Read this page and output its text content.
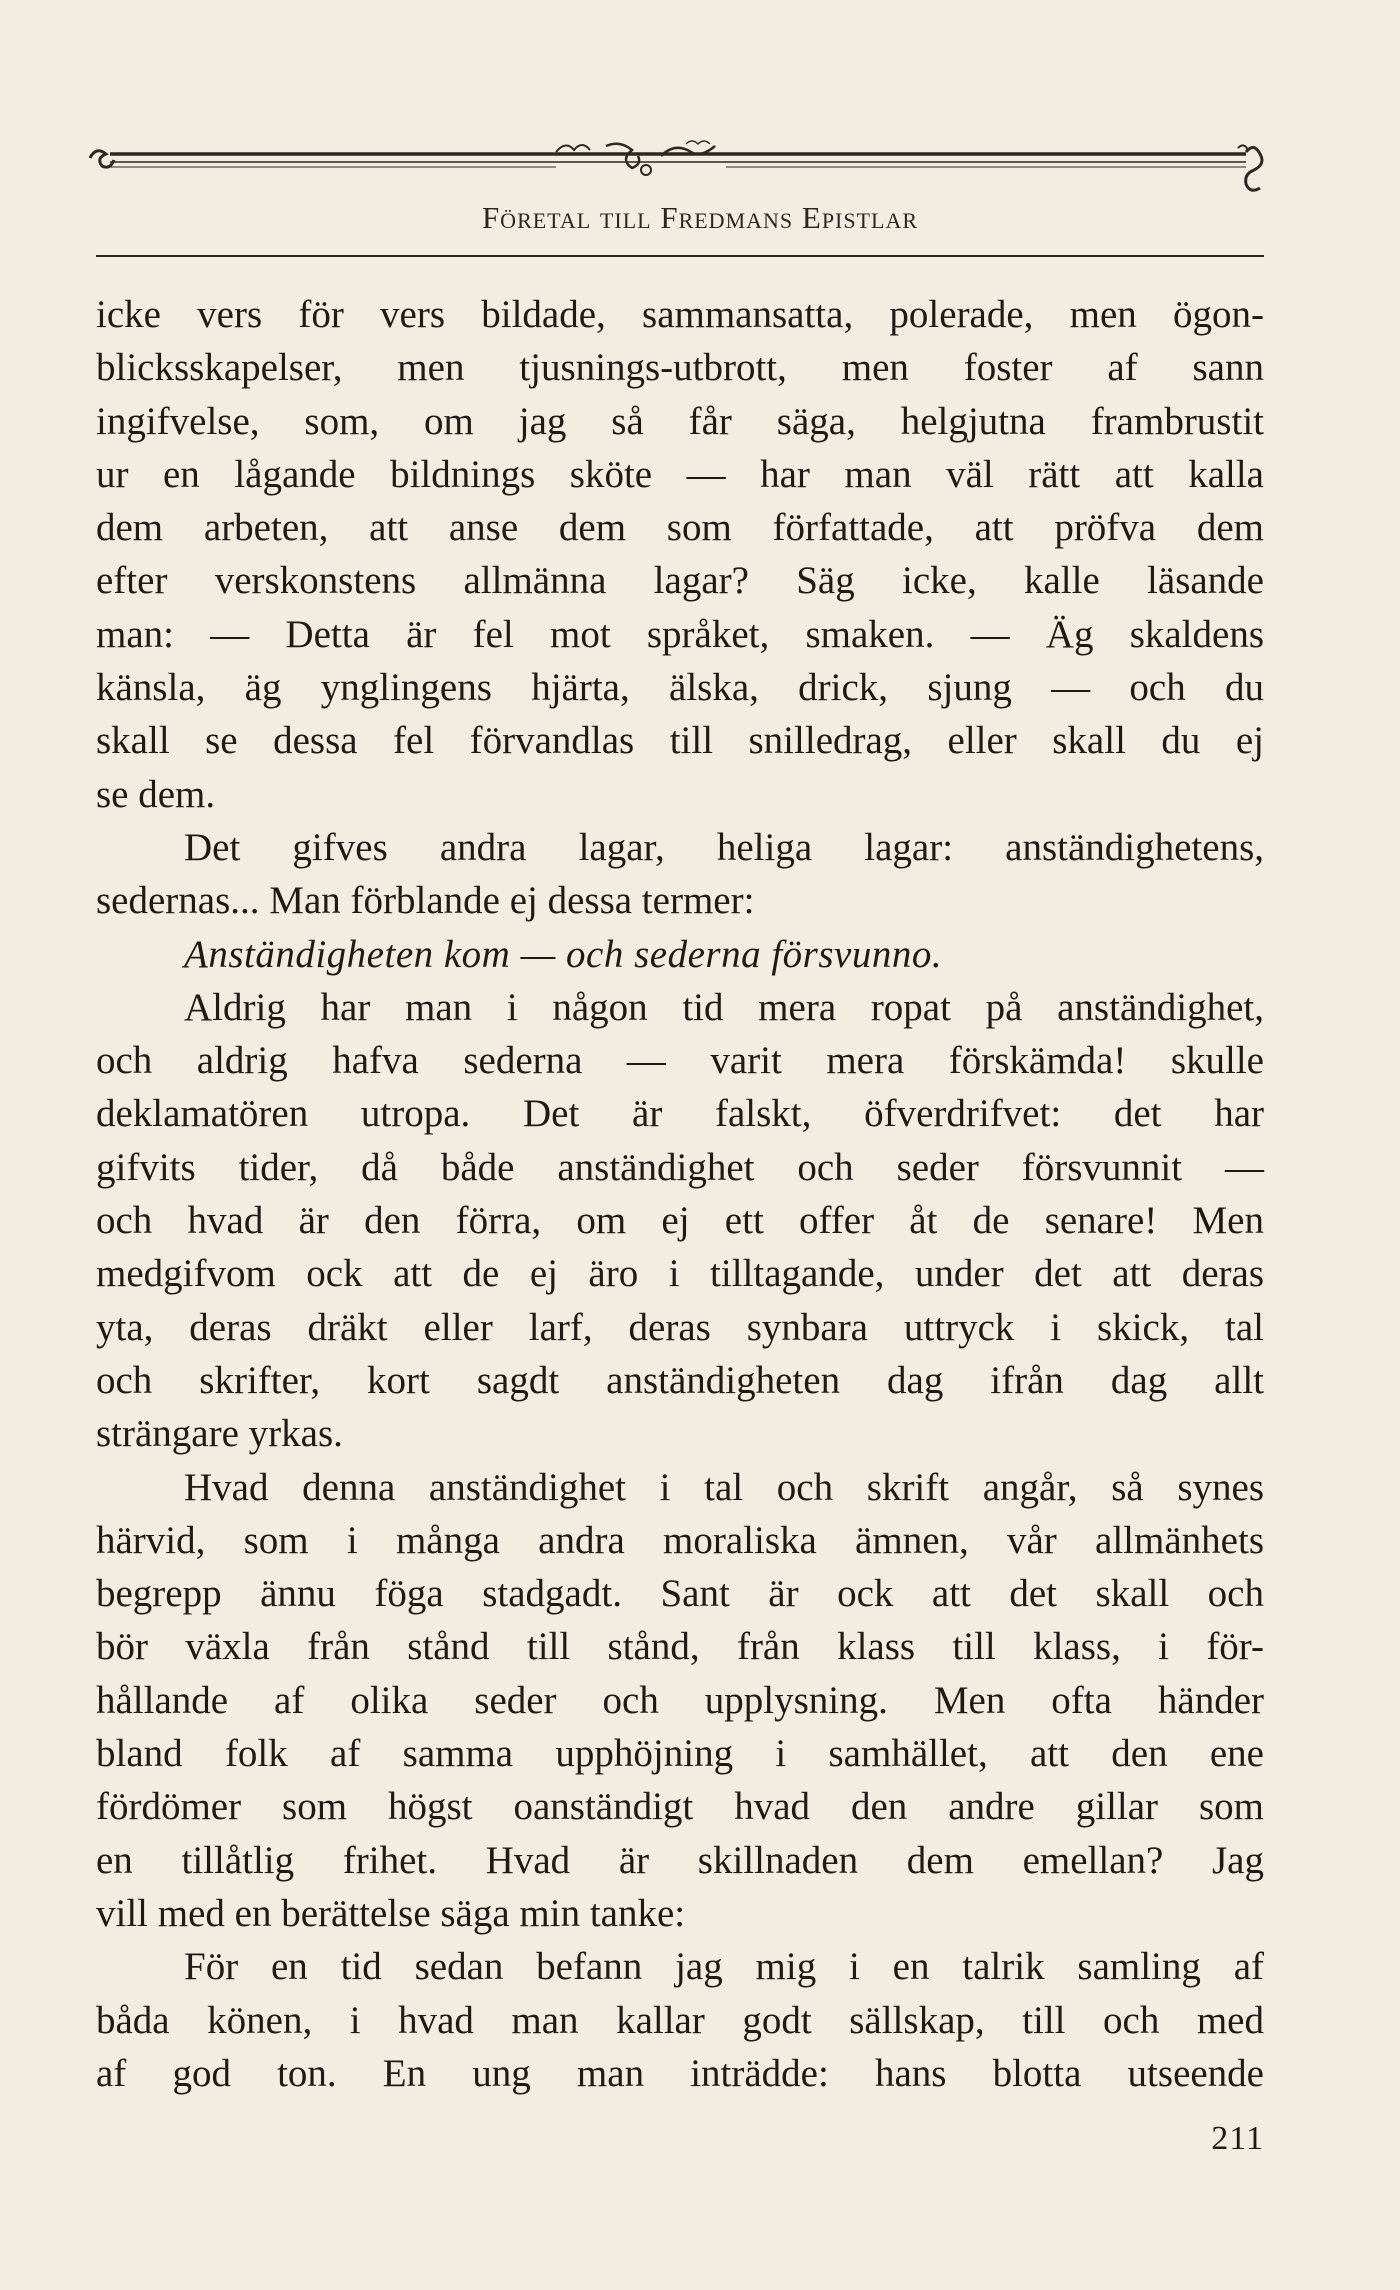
Företal till Fredmans Epistlar
icke vers för vers bildade, sammansatta, polerade, men ögon-
blicksskapelser, men tjusnings-utbrott, men foster af sann
ingifvelse, som, om jag så får säga, helgjutna frambrustit
ur en lågande bildnings sköte — har man väl rätt att kalla
dem arbeten, att anse dem som författade, att pröfva dem
efter verskonstens allmänna lagar? Säg icke, kalle läsande
man: — Detta är fel mot språket, smaken. — Äg skaldens
känsla, äg ynglingens hjärta, älska, drick, sjung — och du
skall se dessa fel förvandlas till snilledrag, eller skall du ej
se dem.
Det gifves andra lagar, heliga lagar: anständighetens,
sedernas... Man förblande ej dessa termer:
Anständigheten kom — och sederna försvunno.
Aldrig har man i någon tid mera ropat på anständighet,
och aldrig hafva sederna — varit mera förskämda! skulle
deklamatören utropa. Det är falskt, öfverdrifvet: det har
gifvits tider, då både anständighet och seder försvunnit —
och hvad är den förra, om ej ett offer åt de senare! Men
medgifvom ock att de ej äro i tilltagande, under det att deras
yta, deras dräkt eller larf, deras synbara uttryck i skick, tal
och skrifter, kort sagdt anständigheten dag ifrån dag allt
strängare yrkas.
Hvad denna anständighet i tal och skrift angår, så synes
härvid, som i många andra moraliska ämnen, vår allmänhets
begrepp ännu föga stadgadt. Sant är ock att det skall och
bör växla från stånd till stånd, från klass till klass, i för-
hållande af olika seder och upplysning. Men ofta händer
bland folk af samma upphöjning i samhället, att den ene
fördömer som högst oanständigt hvad den andre gillar som
en tillåtlig frihet. Hvad är skillnaden dem emellan? Jag
vill med en berättelse säga min tanke:
För en tid sedan befann jag mig i en talrik samling af
båda könen, i hvad man kallar godt sällskap, till och med
af god ton. En ung man inträdde: hans blotta utseende
211
